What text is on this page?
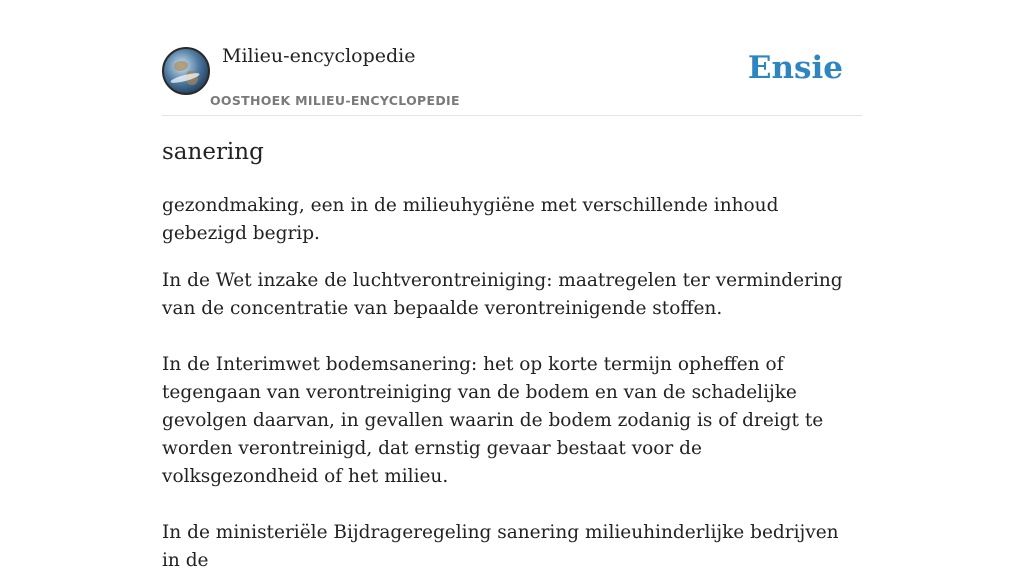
Milieu-encyclopedie
OOSTHOEK MILIEU-ENCYCLOPEDIE
Ensie
sanering

gezondmaking, een in de milieuhygiëne met verschillende inhoud gebezigd begrip.

In de Wet inzake de luchtverontreiniging: maatregelen ter vermindering van de concentratie van bepaalde verontreinigende stoffen.

In de Interimwet bodemsanering: het op korte termijn opheffen of tegengaan van verontreiniging van de bodem en van de schadelijke gevolgen daarvan, in gevallen waarin de bodem zodanig is of dreigt te worden verontreinigd, dat ernstig gevaar bestaat voor de volksgezondheid of het milieu.

In de ministeriële Bijdrageregeling sanering milieuhinderlijke bedrijven in de
